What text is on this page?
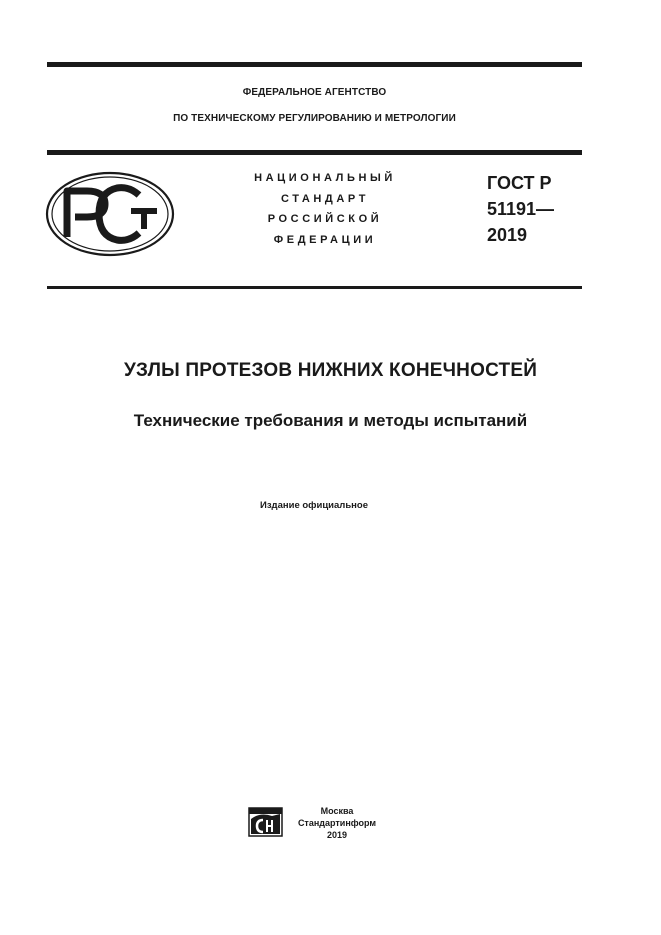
ФЕДЕРАЛЬНОЕ АГЕНТСТВО
ПО ТЕХНИЧЕСКОМУ РЕГУЛИРОВАНИЮ И МЕТРОЛОГИИ
НАЦИОНАЛЬНЫЙ
СТАНДАРТ
РОССИЙСКОЙ
ФЕДЕРАЦИИ
ГОСТ Р
51191—
2019
УЗЛЫ ПРОТЕЗОВ НИЖНИХ КОНЕЧНОСТЕЙ
Технические требования и методы испытаний
Издание официальное
Москва
Стандартинформ
2019
